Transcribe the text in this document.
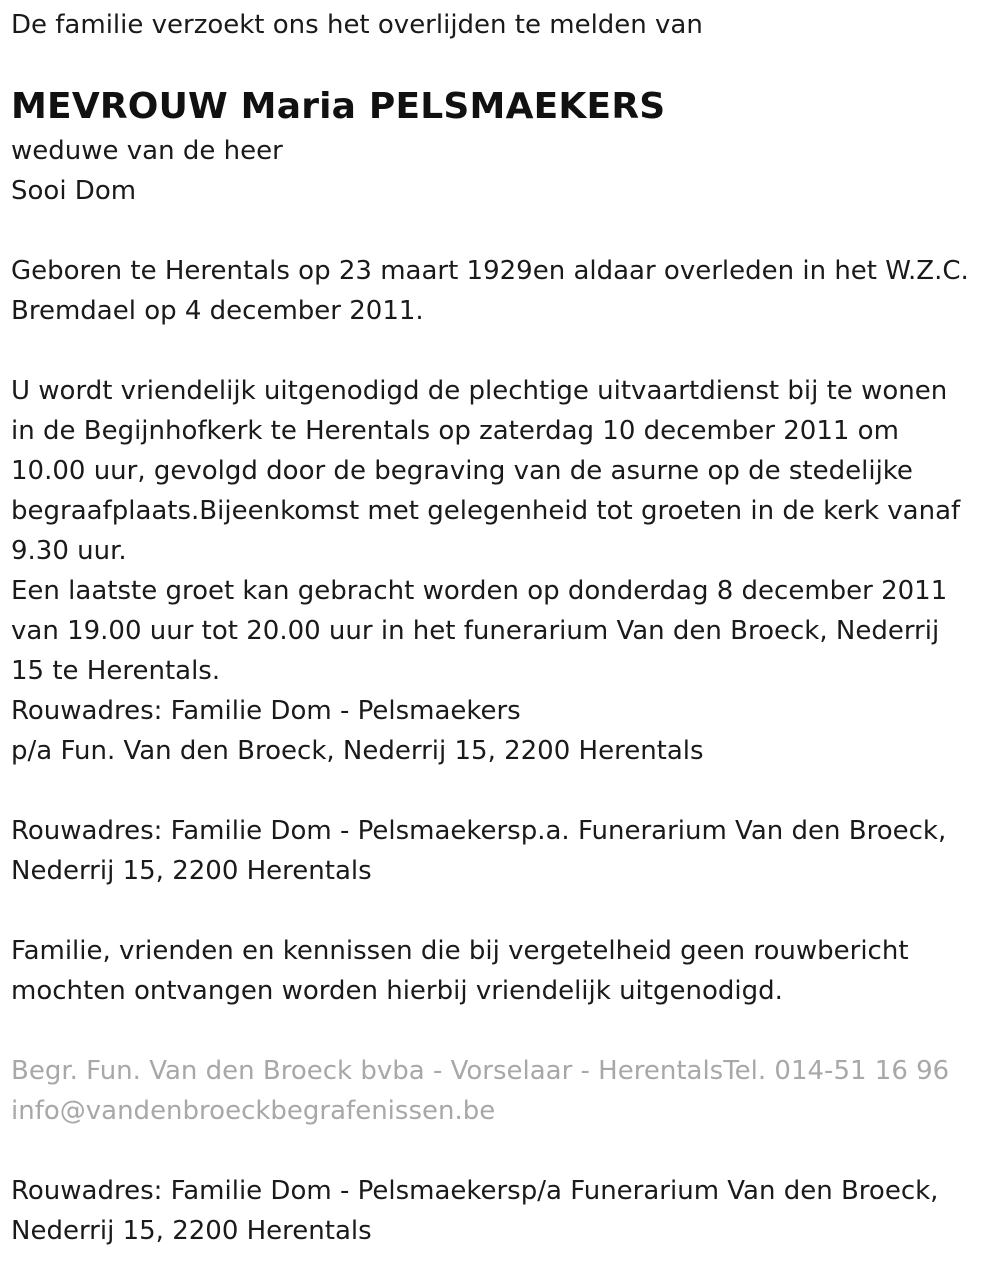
De familie verzoekt ons het overlijden te melden van

MEVROUW Maria PELSMAEKERS

weduwe van de heer

Sooi Dom

Geboren te Herentals op 23 maart 1929en aldaar overleden in het W.Z.C.

Bremdael op 4 december 2011.

U wordt vriendelijk uitgenodigd de plechtige uitvaartdienst bij te wonen

in de Begijnhofkerk te Herentals op zaterdag 10 december 2011 om

10.00 uur, gevolgd door de begraving van de asurne op de stedelijke

begraafplaats.Bijeenkomst met gelegenheid tot groeten in de kerk vanaf

9.30 uur.

Een laatste groet kan gebracht worden op donderdag 8 december 2011

van 19.00 uur tot 20.00 uur in het funerarium Van den Broeck, Nederrij

15 te Herentals.

Rouwadres: Familie Dom - Pelsmaekers

p/a Fun. Van den Broeck, Nederrij 15, 2200 Herentals

Rouwadres: Familie Dom - Pelsmaekersp.a. Funerarium Van den Broeck,

Nederrij 15, 2200 Herentals

Familie, vrienden en kennissen die bij vergetelheid geen rouwbericht

mochten ontvangen worden hierbij vriendelijk uitgenodigd.

Begr. Fun. Van den Broeck bvba - Vorselaar - HerentalsTel. 014-51 16 96

info@vandenbroeckbegrafenissen.be

Rouwadres: Familie Dom - Pelsmaekersp/a Funerarium Van den Broeck,

Nederrij 15, 2200 Herentals
